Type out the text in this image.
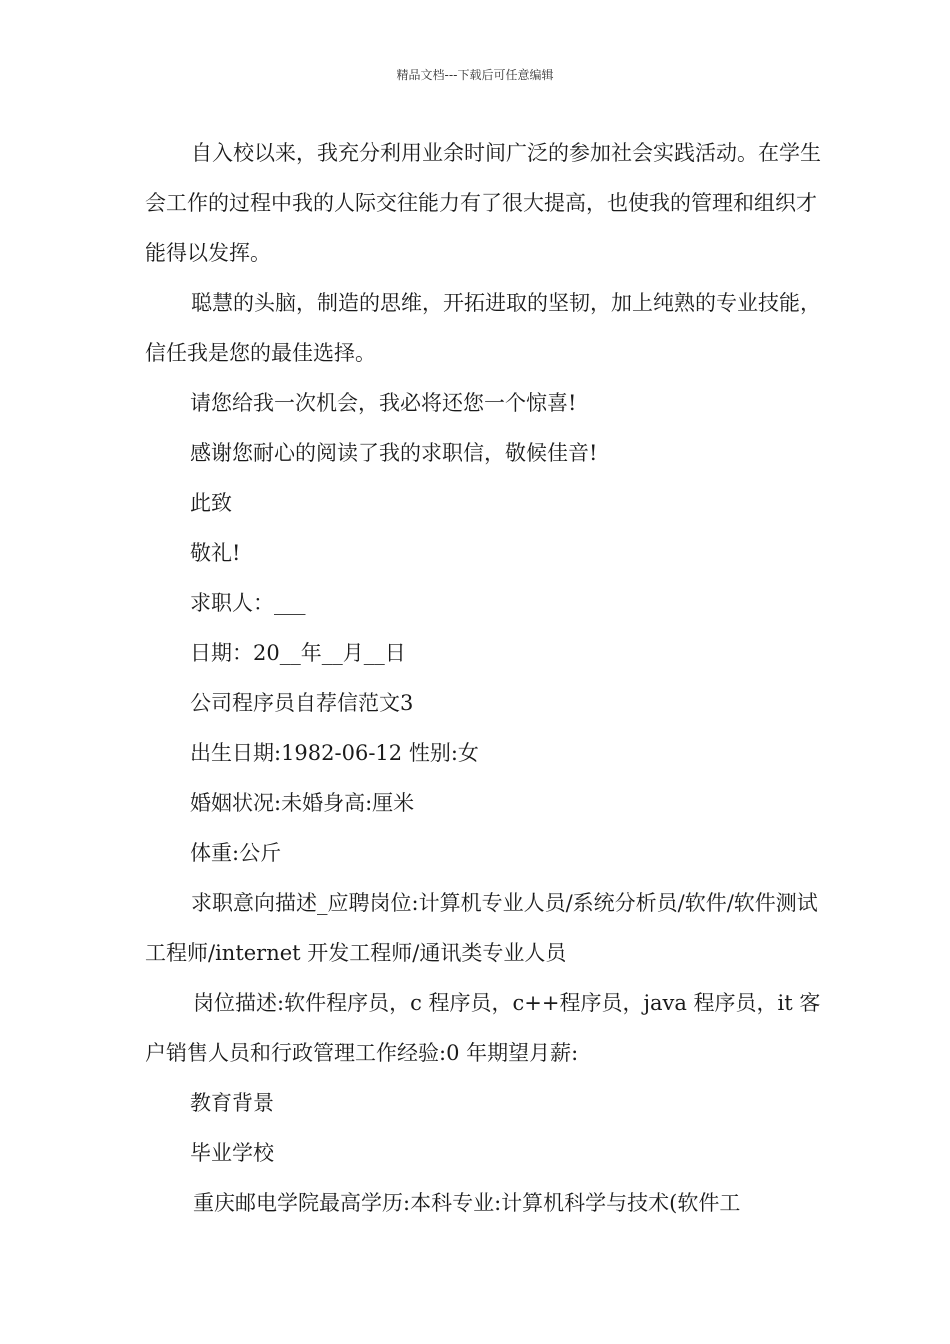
精品文档---下载后可任意编辑

自入校以来，我充分利用业余时间广泛的参加社会实践活动。在学生会工作的过程中我的人际交往能力有了很大提高，也使我的管理和组织才能得以发挥。

聪慧的头脑，制造的思维，开拓进取的坚韧，加上纯熟的专业技能，信任我是您的最佳选择。

请您给我一次机会，我必将还您一个惊喜!

感谢您耐心的阅读了我的求职信，敬候佳音!

此致

敬礼!

求职人：___

日期：20__年__月__日

公司程序员自荐信范文3

出生日期:1982-06-12 性别:女

婚姻状况:未婚身高:厘米

体重:公斤

求职意向描述_应聘岗位:计算机专业人员/系统分析员/软件/软件测试工程师/internet 开发工程师/通讯类专业人员

岗位描述:软件程序员，c 程序员，c++程序员，java 程序员，it 客户销售人员和行政管理工作经验:0 年期望月薪:

教育背景

毕业学校

重庆邮电学院最高学历:本科专业:计算机科学与技术(软件工
